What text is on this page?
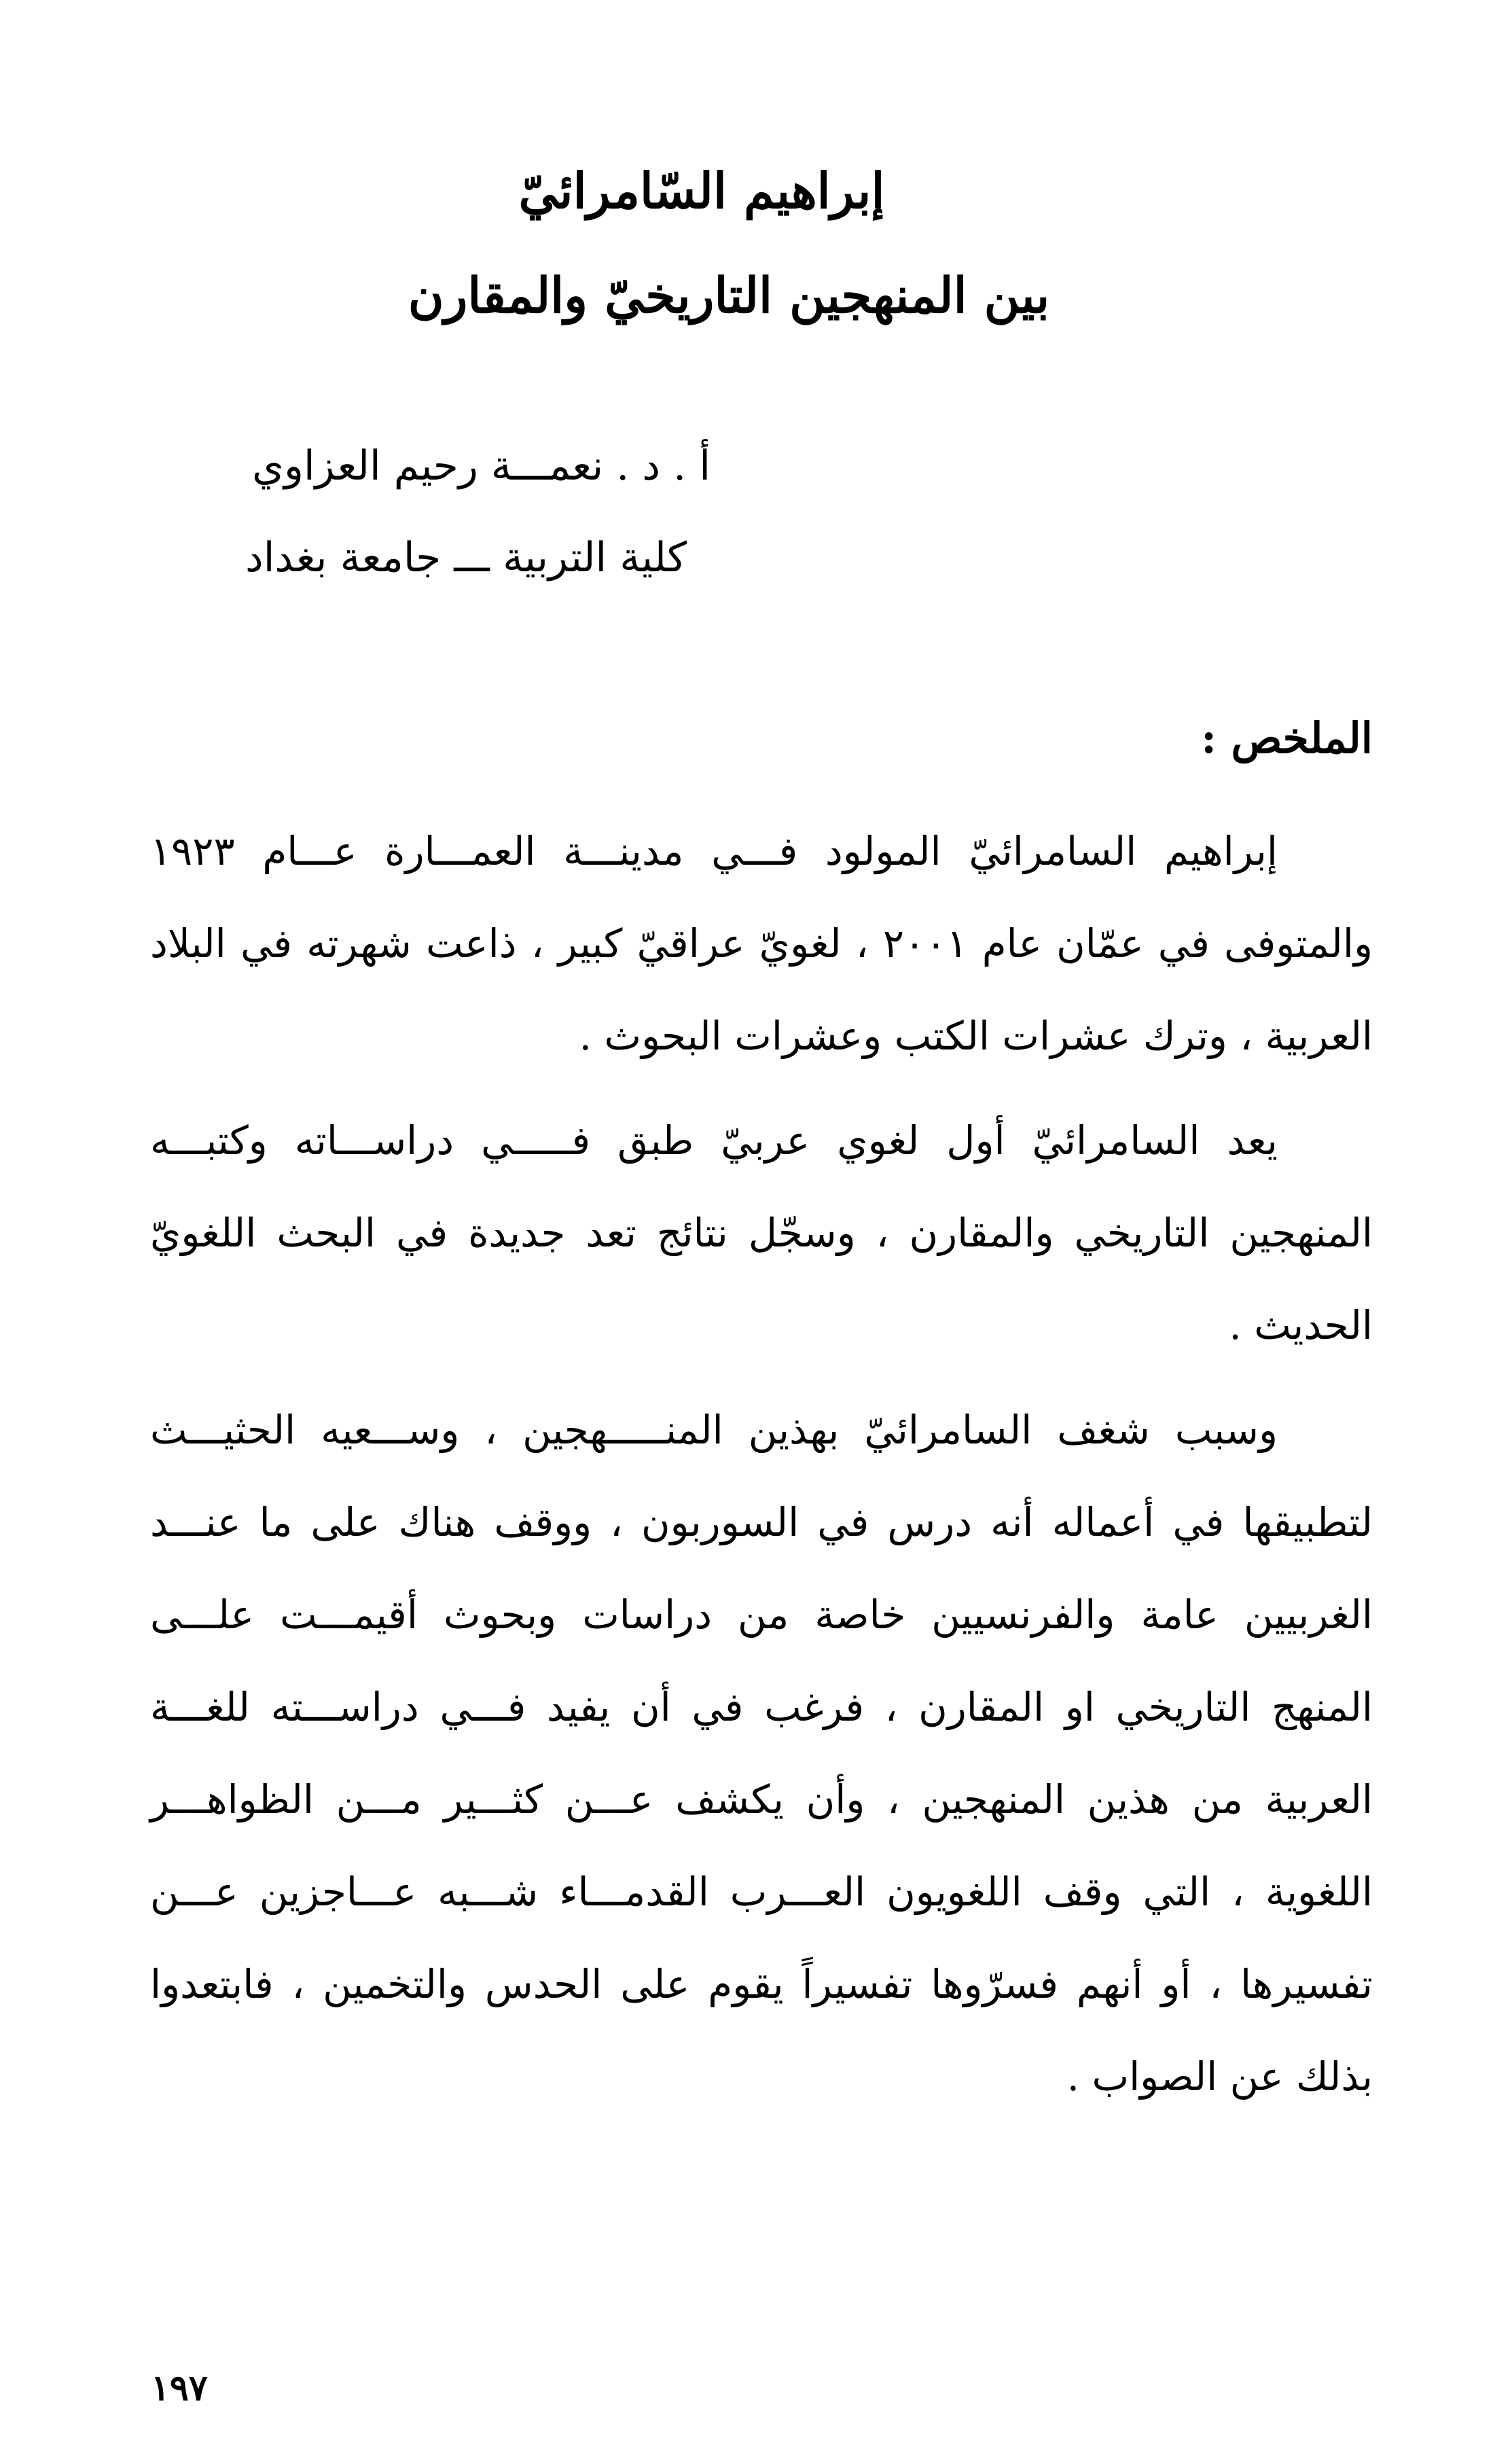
إبراهيم السّامرائيّ
بين المنهجين التاريخيّ والمقارن
أ . د . نعمـــة رحيم العزاوي
كلية التربية ـــ جامعة بغداد
الملخص :

إبراهيم السامرائيّ المولود فـــي مدينـــة العمـــارة عـــام ١٩٢٣ والمتوفى في عمّان عام ٢٠٠١ ، لغويّ عراقيّ كبير ، ذاعت شهرته في البلاد العربية ، وترك عشرات الكتب وعشرات البحوث .

يعد السامرائيّ أول لغوي عربيّ طبق فـــــي دراســـاته وكتبـــه المنهجين التاريخي والمقارن ، وسجّل نتائج تعد جديدة في البحث اللغويّ الحديث .

وسبب شغف السامرائيّ بهذين المنـــــهجين ، وســـعيه الحثيـــث لتطبيقها في أعماله أنه درس في السوربون ، ووقف هناك على ما عنـــد الغربيين عامة والفرنسيين خاصة من دراسات وبحوث أقيمـــت علـــى المنهج التاريخي او المقارن ، فرغب في أن يفيد فـــي دراســـته للغـــة العربية من هذين المنهجين ، وأن يكشف عـــن كثـــير مـــن الظواهـــر اللغوية ، التي وقف اللغويون العـــرب القدمـــاء شـــبه عـــاجزين عـــن تفسيرها ، أو أنهم فسرّوها تفسيراً يقوم على الحدس والتخمين ، فابتعدوا بذلك عن الصواب .

١٩٧
